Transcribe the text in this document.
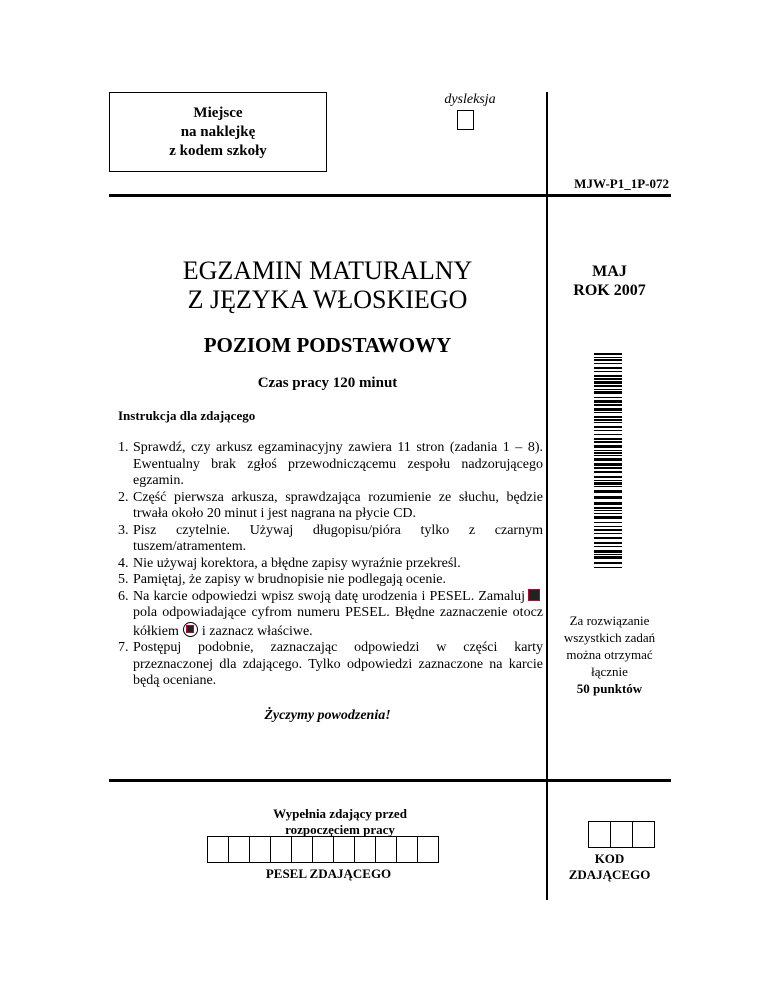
Miejsce
na naklejkę
z kodem szkoły
dysleksja
MJW-P1_1P-072
EGZAMIN MATURALNY
Z JĘZYKA WŁOSKIEGO
MAJ
ROK 2007
POZIOM PODSTAWOWY
Czas pracy 120 minut
Instrukcja dla zdającego
1. Sprawdź, czy arkusz egzaminacyjny zawiera 11 stron (zadania 1 – 8). Ewentualny brak zgłoś przewodniczącemu zespołu nadzorującego egzamin.
2. Część pierwsza arkusza, sprawdzająca rozumienie ze słuchu, będzie trwała około 20 minut i jest nagrana na płycie CD.
3. Pisz czytelnie. Używaj długopisu/pióra tylko z czarnym tuszem/atramentem.
4. Nie używaj korektora, a błędne zapisy wyraźnie przekreśl.
5. Pamiętaj, że zapisy w brudnopisie nie podlegają ocenie.
6. Na karcie odpowiedzi wpisz swoją datę urodzenia i PESEL. Zamalujpola odpowiadające cyfrom numeru PESEL. Błędne zaznaczenie otocz kółkiem i zaznacz właściwe.
7. Postępuj podobnie, zaznaczając odpowiedzi w części karty przeznaczonej dla zdającego. Tylko odpowiedzi zaznaczone na karcie będą oceniane.
Za rozwiązanie
wszystkich zadań
można otrzymać
łącznie
50 punktów
Życzymy powodzenia!
Wypełnia zdający przed
rozpoczęciem pracy
PESEL ZDAJĄCEGO
KOD
ZDAJĄCEGO
